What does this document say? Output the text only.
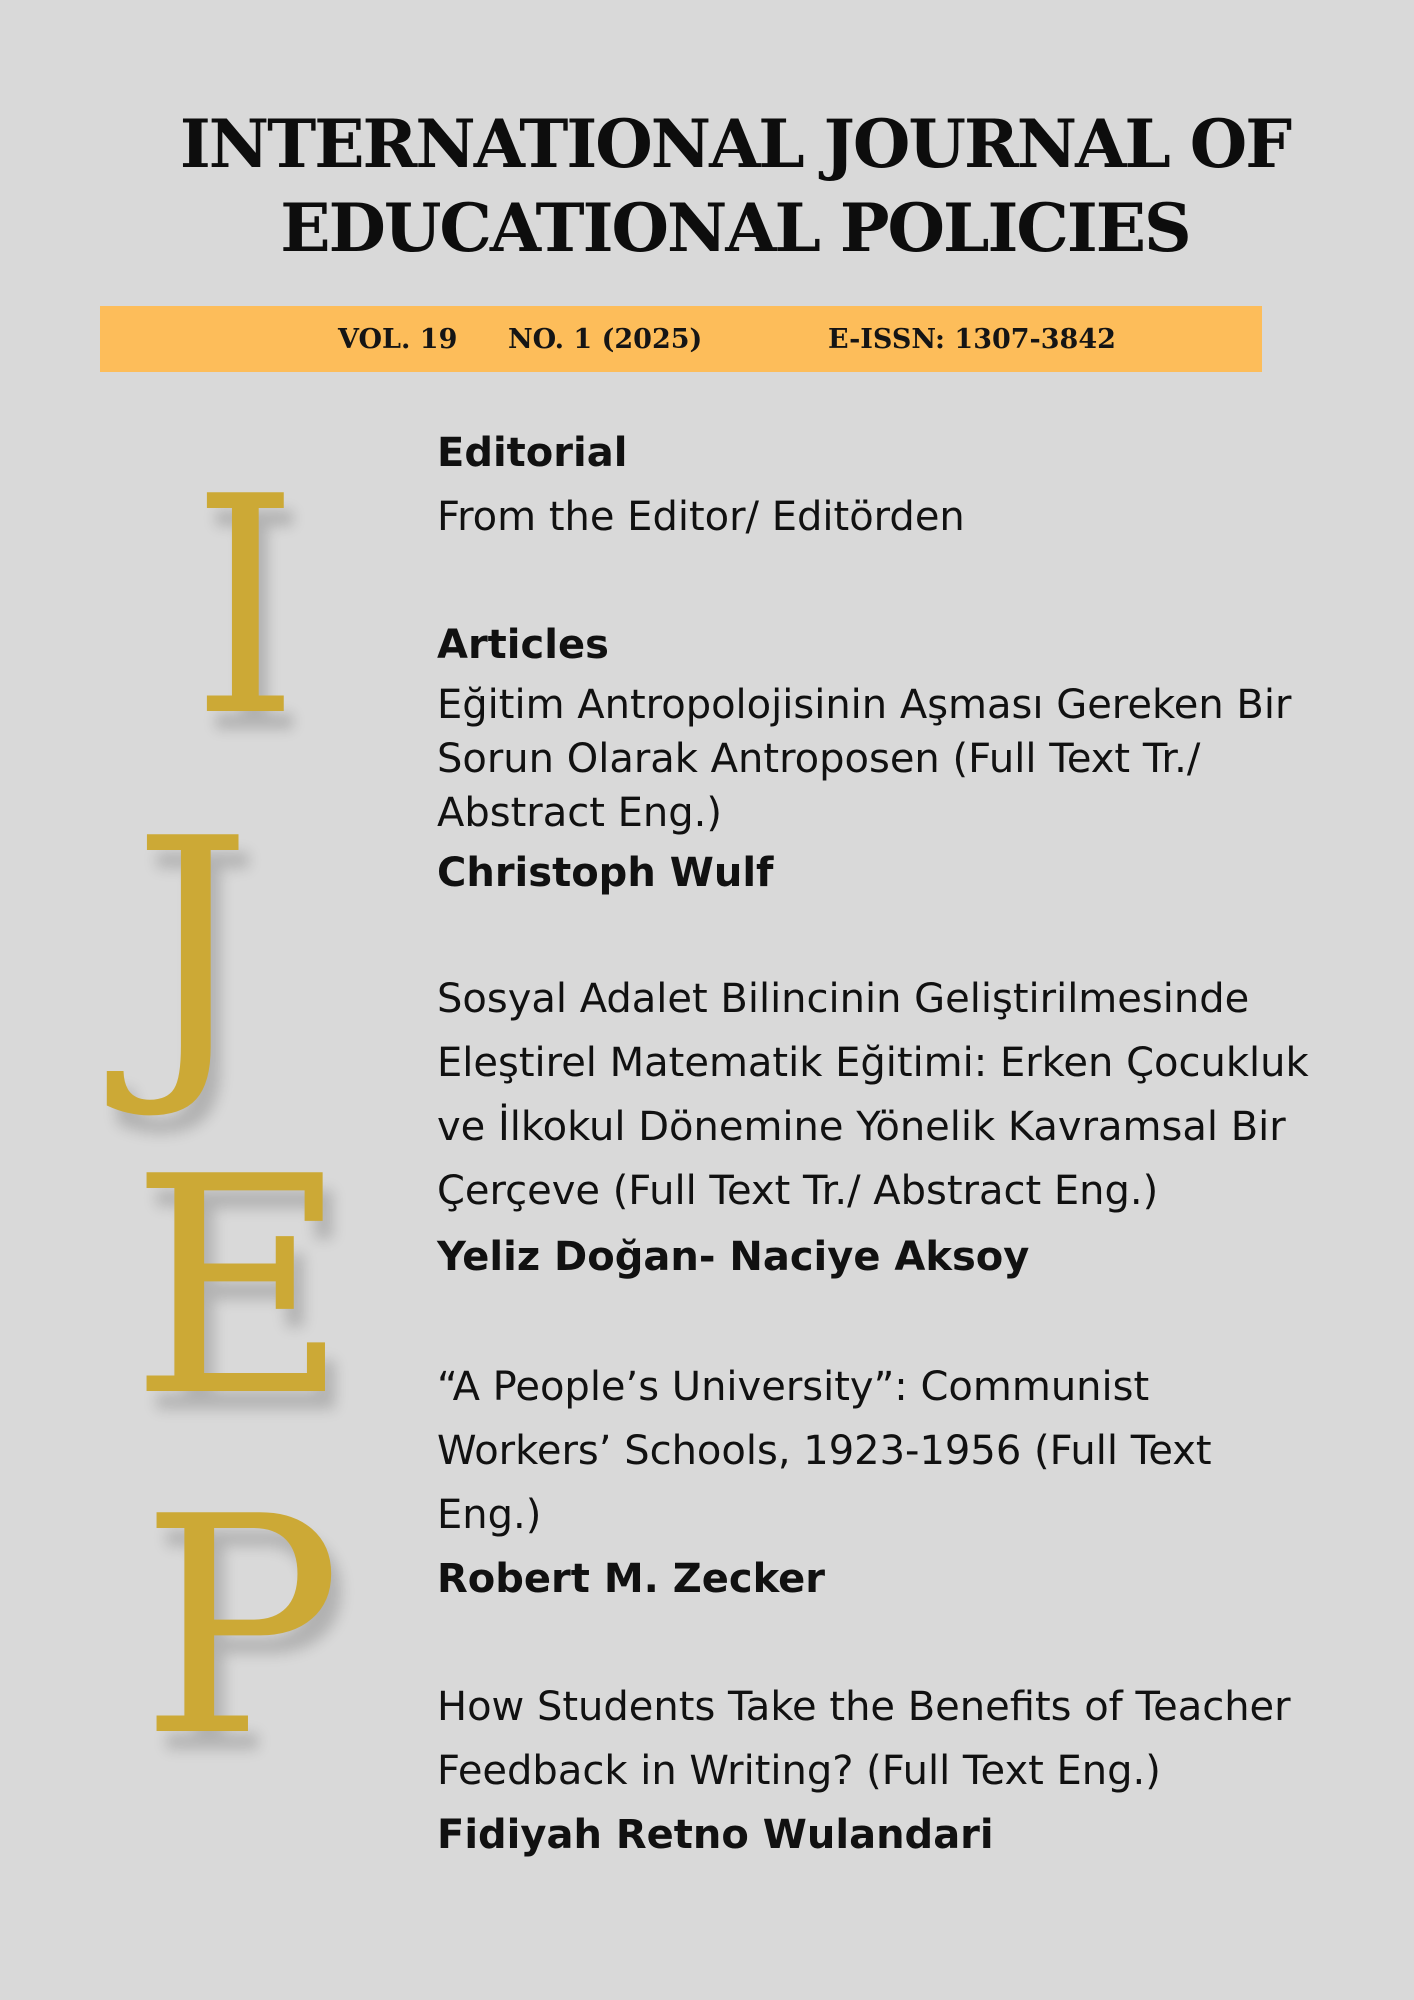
INTERNATIONAL JOURNAL OF
EDUCATIONAL POLICIES
VOL. 19 NO. 1 (2025)	E-ISSN: 1307-3842
I
J
E
P
Editorial
From the Editor/ Editörden
Articles
Eğitim Antropolojisinin Aşması Gereken Bir
Sorun Olarak Antroposen (Full Text Tr./
Abstract Eng.)
Christoph Wulf
Sosyal Adalet Bilincinin Geliştirilmesinde
Eleştirel Matematik Eğitimi: Erken Çocukluk
ve İlkokul Dönemine Yönelik Kavramsal Bir
Çerçeve (Full Text Tr./ Abstract Eng.)
Yeliz Doğan- Naciye Aksoy
“A People’s University”: Communist
Workers’ Schools, 1923-1956 (Full Text
Eng.)
Robert M. Zecker
How Students Take the Benefits of Teacher
Feedback in Writing? (Full Text Eng.)
Fidiyah Retno Wulandari
